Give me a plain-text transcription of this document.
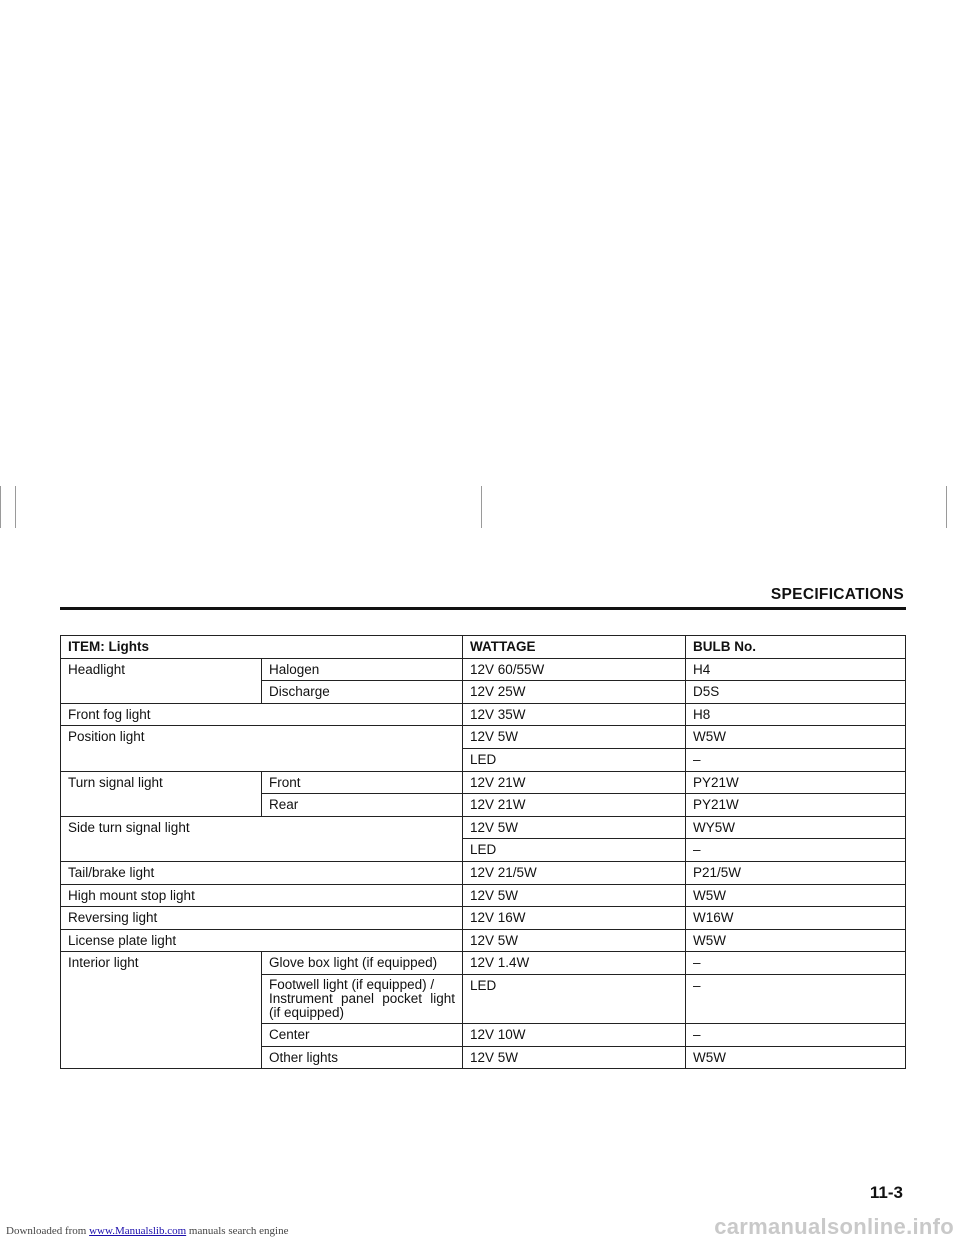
SPECIFICATIONS
ITEM: Lights		WATTAGE	BULB No.
Headlight	Halogen	12V 60/55W	H4
	Discharge	12V 25W	D5S
Front fog light		12V 35W	H8
Position light		12V 5W	W5W
		LED	–
Turn signal light	Front	12V 21W	PY21W
	Rear	12V 21W	PY21W
Side turn signal light		12V 5W	WY5W
		LED	–
Tail/brake light		12V 21/5W	P21/5W
High mount stop light		12V 5W	W5W
Reversing light		12V 16W	W16W
License plate light		12V 5W	W5W
Interior light	Glove box light (if equipped)	12V 1.4W	–

	Footwell light (if equipped) /
Instrument panel pocket light
(if equipped)	LED	–
	Center	12V 10W	–
	Other lights	12V 5W	W5W
11-3
Downloaded from www.Manualslib.com manuals search engine	carmanualsonline.info
